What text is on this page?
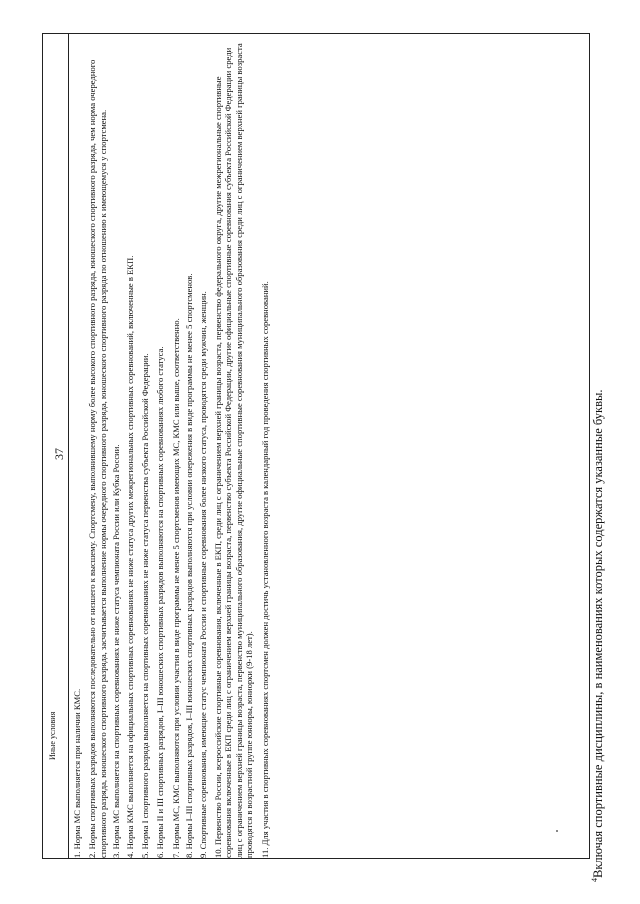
Иные условия	1. Норма МС выполняется при наличии КМС. 2. Нормы спортивных разрядов выполняются последовательно от низшего к высшему. Спортсмену, выполнившему норму более высокого спортивного разряда, юношеского спортивного разряда, чем норма очередного спортивного разряда, юношеского спортивного разряда, засчитывается выполнение нормы очередного спортивного разряда, юношеского спортивного разряда по отношению к имеющемуся у спортсмена. 3. Норма МС выполняется на спортивных соревнованиях не ниже статуса чемпионата России или Кубка России. 4. Норма КМС выполняется на официальных спортивных соревнованиях не ниже статуса других межрегиональных спортивных соревнований, включенные в ЕКП. 5. Норма I спортивного разряда выполняется на спортивных соревнованиях не ниже статуса первенства субъекта Российской Федерации. 6. Нормы II и III спортивных разрядов, I–III юношеских спортивных разрядов выполняются на спортивных соревнованиях любого статуса. 7. Нормы МС, КМС выполняются при условии участия в виде программы не менее 5 спортсменов имеющих МС, КМС или выше, соответственно. 8. Нормы I–III спортивных разрядов, I–III юношеских спортивных разрядов выполняются при условии опережения в виде программы не менее 5 спортсменов. 9. Спортивные соревнования, имеющие статус чемпионата России и спортивные соревнования более низкого статуса, проводятся среди мужчин, женщин. 10. Первенство России, всероссийские спортивные соревнования, включенные в ЕКП, среди лиц с ограничением верхней границы возраста, первенство федерального округа, другие межрегиональные спортивные соревнования включенные в ЕКП среди лиц с ограничением верхней границы возраста, первенство субъекта Российской Федерации, другие официальные спортивные соревнования субъекта Российской Федерации среди лиц с ограничением верхней границы возраста, первенство муниципального образования, другие официальные спортивные соревнования муниципального образования среди лиц с ограничением верхней границы возраста проводятся в возрастной группе юниоры, юниорки (9-18 лет). 11. Для участия в спортивных соревнованиях спортсмен должен достичь установленного возраста в календарный год проведения спортивных соревнований.
37
$^4$Включая спортивные дисциплины, в наименованиях которых содержатся указанные буквы.
